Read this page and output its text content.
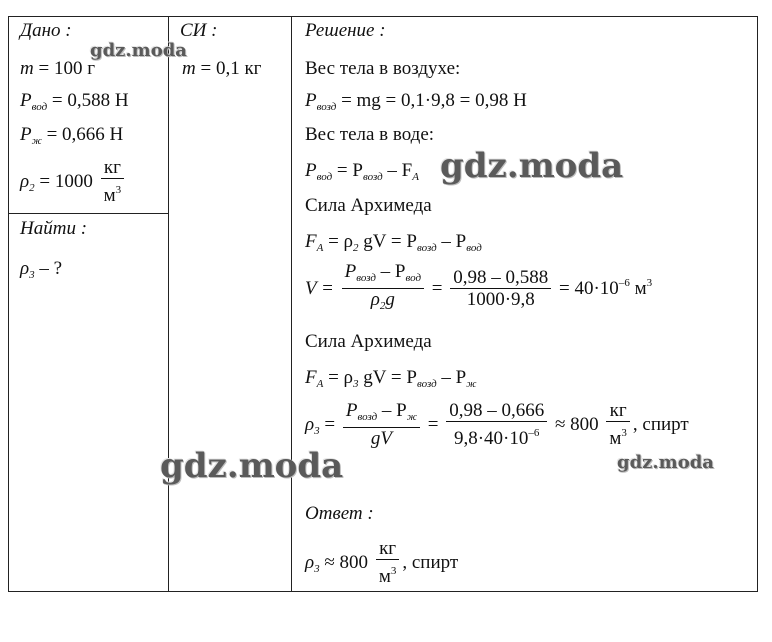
Дано :
m = 100 г
$P_{вод} = 0,588$ Н
$P_ж = 0,666$ Н
$\rho_2 = 1000 \frac{кг}{м^3}$
Найти :
$\rho_3$ – ?
СИ :
m = 0,1 кг
Решение :
Вес тела в воздухе:
$P_{возд}$ = mg = 0,1·9,8 = 0,98 Н
Вес тела в воде:
$P_{вод} = P_{возд} - F_A$
Сила Архимеда
$F_A = \rho_2$ gV = $P_{возд} - P_{вод}$
$V = \frac{P_{возд} - P_{вод}}{\rho_2g} = \frac{0,98 - 0,588}{1000\cdot 9,8} = 40\cdot 10^{-6}$ $м^3$
Сила Архимеда
$F_A = \rho_3$ gV = $P_{возд} - P_ж$
$\rho_3 = \frac{P_{возд} - P_ж}{gV} = \frac{0,98 - 0,666}{9,8\cdot 40\cdot 10^{-6}} \approx 800 \frac{кг}{м^3}$ , спирт
Ответ :
$\rho_3 \approx 800 \frac{кг}{м^3}$ , спирт
gdz.moda
gdz.moda
gdz.moda	gdz.moda
